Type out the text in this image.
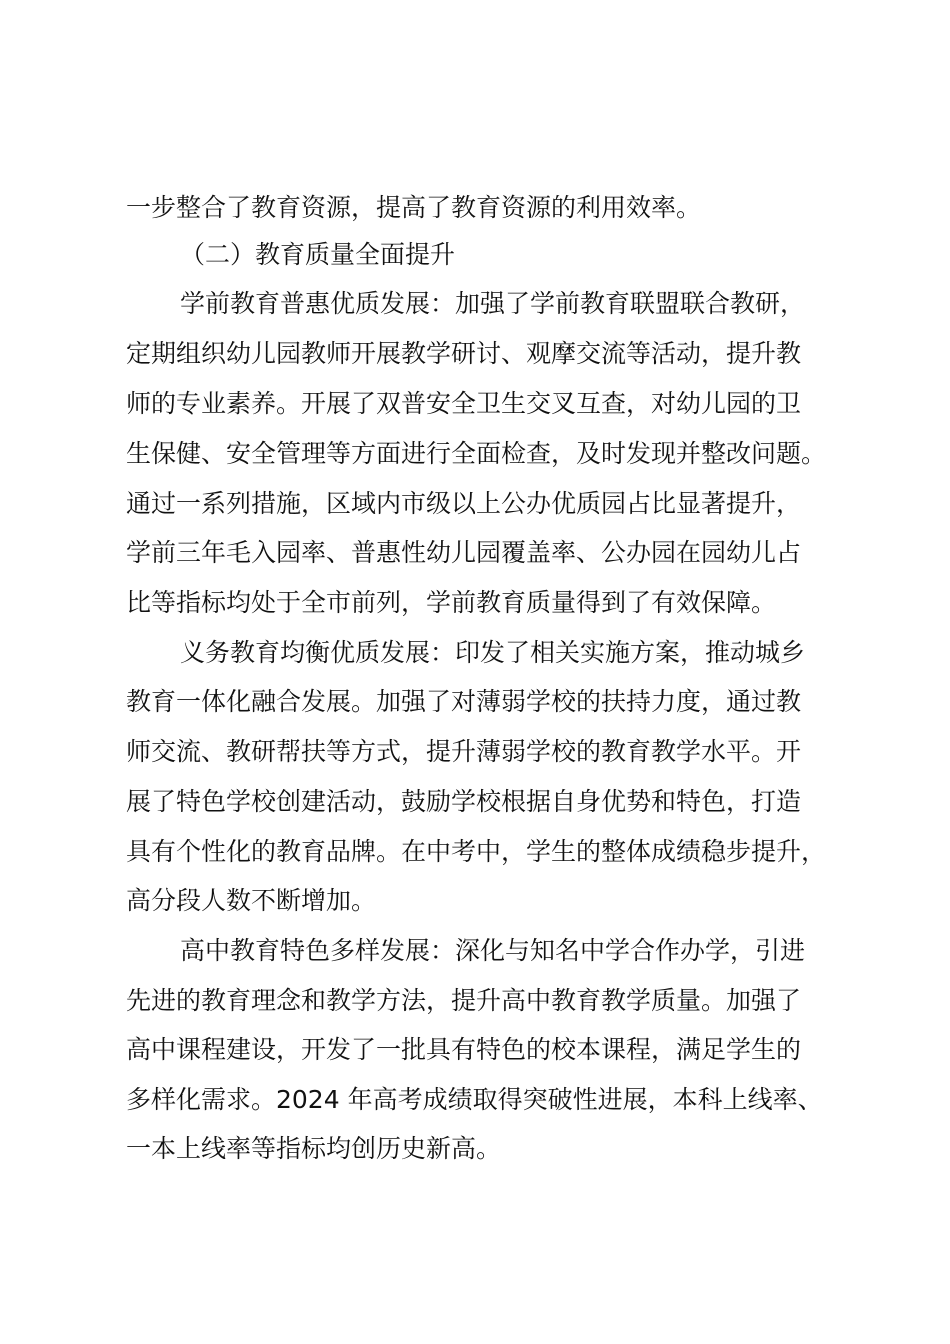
一步整合了教育资源，提高了教育资源的利用效率。
（二）教育质量全面提升
学前教育普惠优质发展：加强了学前教育联盟联合教研，
定期组织幼儿园教师开展教学研讨、观摩交流等活动，提升教
师的专业素养。开展了双普安全卫生交叉互查，对幼儿园的卫
生保健、安全管理等方面进行全面检查，及时发现并整改问题。
通过一系列措施，区域内市级以上公办优质园占比显著提升，
学前三年毛入园率、普惠性幼儿园覆盖率、公办园在园幼儿占
比等指标均处于全市前列，学前教育质量得到了有效保障。
义务教育均衡优质发展：印发了相关实施方案，推动城乡
教育一体化融合发展。加强了对薄弱学校的扶持力度，通过教
师交流、教研帮扶等方式，提升薄弱学校的教育教学水平。开
展了特色学校创建活动，鼓励学校根据自身优势和特色，打造
具有个性化的教育品牌。在中考中，学生的整体成绩稳步提升，
高分段人数不断增加。
高中教育特色多样发展：深化与知名中学合作办学，引进
先进的教育理念和教学方法，提升高中教育教学质量。加强了
高中课程建设，开发了一批具有特色的校本课程，满足学生的
多样化需求。2024 年高考成绩取得突破性进展，本科上线率、
一本上线率等指标均创历史新高。
